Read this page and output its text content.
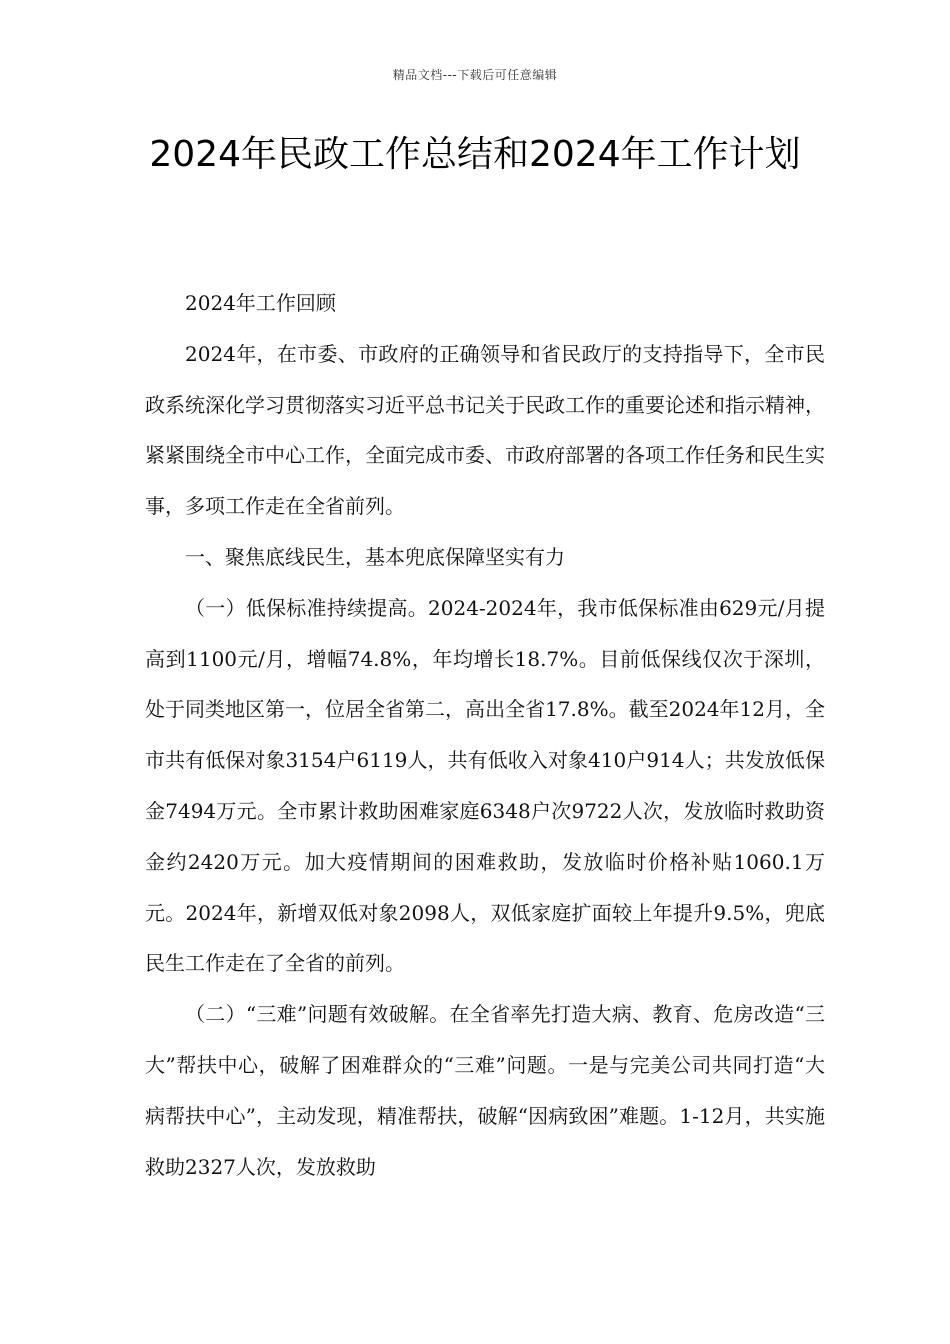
精品文档---下载后可任意编辑
2024年民政工作总结和2024年工作计划

2024年工作回顾

2024年，在市委、市政府的正确领导和省民政厅的支持指导下，全市民政系统深化学习贯彻落实习近平总书记关于民政工作的重要论述和指示精神，紧紧围绕全市中心工作，全面完成市委、市政府部署的各项工作任务和民生实事，多项工作走在全省前列。

一、聚焦底线民生，基本兜底保障坚实有力

（一）低保标准持续提高。2024-2024年，我市低保标准由629元/月提高到1100元/月，增幅74.8%，年均增长18.7%。目前低保线仅次于深圳，处于同类地区第一，位居全省第二，高出全省17.8%。截至2024年12月，全市共有低保对象3154户6119人，共有低收入对象410户914人；共发放低保金7494万元。全市累计救助困难家庭6348户次9722人次，发放临时救助资金约2420万元。加大疫情期间的困难救助，发放临时价格补贴1060.1万元。2024年，新增双低对象2098人，双低家庭扩面较上年提升9.5%，兜底民生工作走在了全省的前列。

（二）“三难”问题有效破解。在全省率先打造大病、教育、危房改造“三大”帮扶中心，破解了困难群众的“三难”问题。一是与完美公司共同打造“大病帮扶中心”，主动发现，精准帮扶，破解“因病致困”难题。1-12月，共实施救助2327人次，发放救助
